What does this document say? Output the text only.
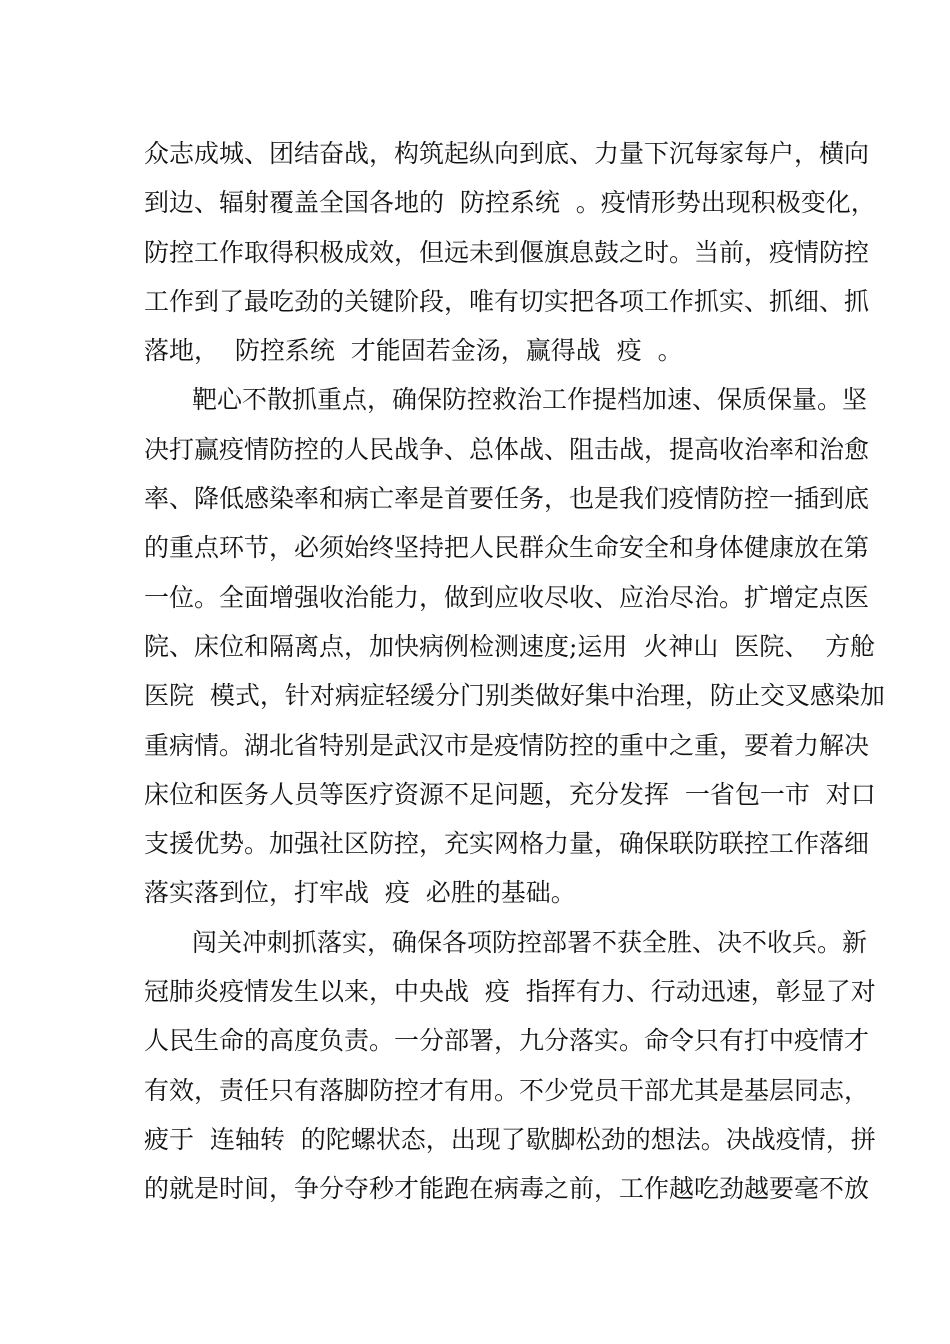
众志成城、团结奋战，构筑起纵向到底、力量下沉每家每户，横向
到边、辐射覆盖全国各地的  防控系统  。疫情形势出现积极变化，
防控工作取得积极成效，但远未到偃旗息鼓之时。当前，疫情防控
工作到了最吃劲的关键阶段，唯有切实把各项工作抓实、抓细、抓
落地，  防控系统  才能固若金汤，赢得战  疫  。
靶心不散抓重点，确保防控救治工作提档加速、保质保量。坚
决打赢疫情防控的人民战争、总体战、阻击战，提高收治率和治愈
率、降低感染率和病亡率是首要任务，也是我们疫情防控一插到底
的重点环节，必须始终坚持把人民群众生命安全和身体健康放在第
一位。全面增强收治能力，做到应收尽收、应治尽治。扩增定点医
院、床位和隔离点，加快病例检测速度;运用  火神山  医院、  方舱
医院  模式，针对病症轻缓分门别类做好集中治理，防止交叉感染加
重病情。湖北省特别是武汉市是疫情防控的重中之重，要着力解决
床位和医务人员等医疗资源不足问题，充分发挥  一省包一市  对口
支援优势。加强社区防控，充实网格力量，确保联防联控工作落细
落实落到位，打牢战  疫  必胜的基础。
闯关冲刺抓落实，确保各项防控部署不获全胜、决不收兵。新
冠肺炎疫情发生以来，中央战  疫  指挥有力、行动迅速，彰显了对
人民生命的高度负责。一分部署，九分落实。命令只有打中疫情才
有效，责任只有落脚防控才有用。不少党员干部尤其是基层同志，
疲于  连轴转  的陀螺状态，出现了歇脚松劲的想法。决战疫情，拼
的就是时间，争分夺秒才能跑在病毒之前，工作越吃劲越要毫不放
